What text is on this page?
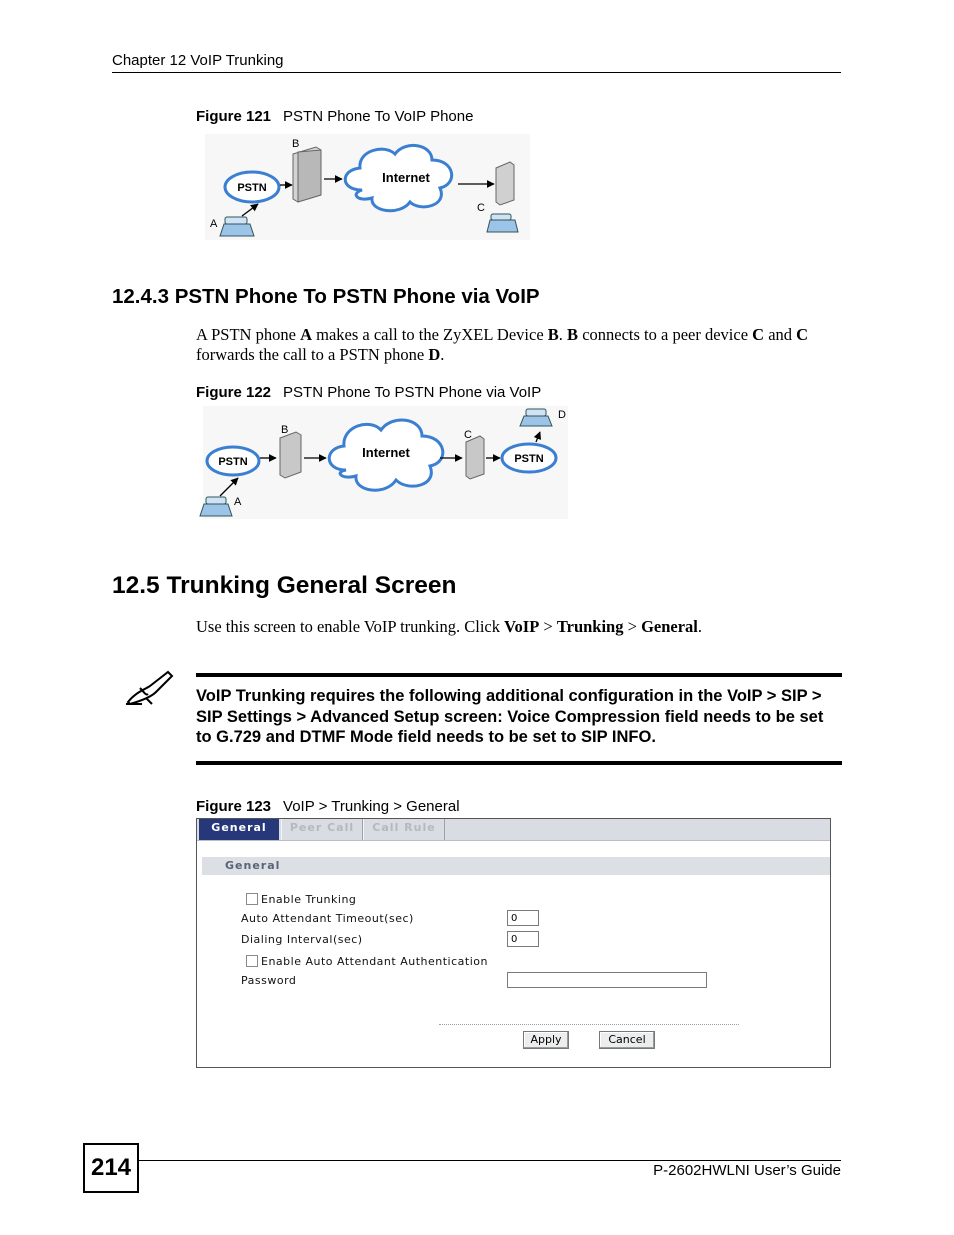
Chapter 12 VoIP Trunking
Figure 121 PSTN Phone To VoIP Phone
PSTN
B
Internet
C
A
12.4.3 PSTN Phone To PSTN Phone via VoIP
A PSTN phone A makes a call to the ZyXEL Device B. B connects to a peer device C and C forwards the call to a PSTN phone D.
Figure 122 PSTN Phone To PSTN Phone via VoIP
PSTN
B
Internet
C
PSTN
D
A
12.5 Trunking General Screen
Use this screen to enable VoIP trunking. Click VoIP > Trunking > General.
VoIP Trunking requires the following additional configuration in the VoIP > SIP > SIP Settings > Advanced Setup screen: Voice Compression field needs to be set to G.729 and DTMF Mode field needs to be set to SIP INFO.
Figure 123 VoIP > Trunking > General
General	Peer Call	Call Rule
General
Enable Trunking
Auto Attendant Timeout(sec)	0
Dialing Interval(sec)	0
Enable Auto Attendant Authentication
Password
Apply	Cancel
214	P-2602HWLNI User’s Guide
